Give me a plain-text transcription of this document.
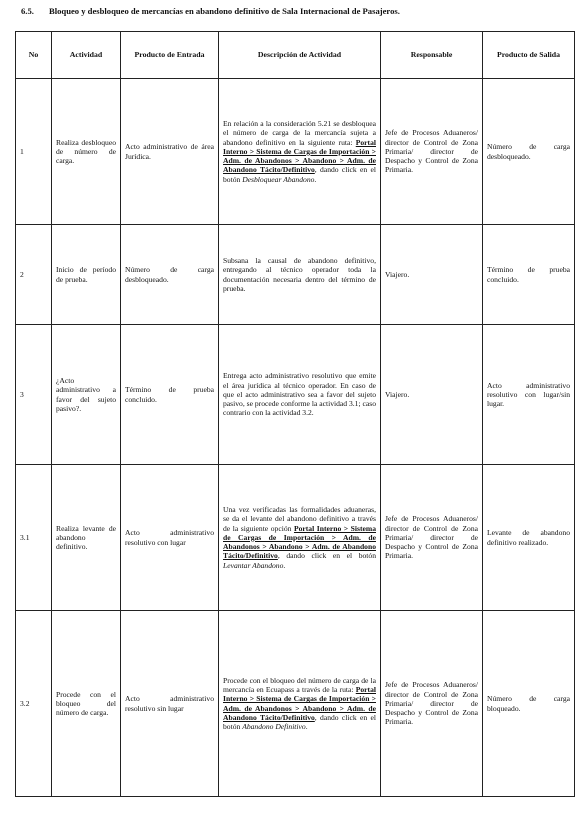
6.5. Bloqueo y desbloqueo de mercancías en abandono definitivo de Sala Internacional de Pasajeros.
No	Actividad	Producto de Entrada	Descripción de Actividad	Responsable	Producto de Salida
1	Realiza desbloqueo de número de carga.	Acto administrativo de área Jurídica.	En relación a la consideración 5.21 se desbloquea el número de carga de la mercancía sujeta a abandono definitivo en la siguiente ruta: Portal Interno > Sistema de Cargas de Importación > Adm. de Abandonos > Abandono > Adm. de Abandono Tácito/Definitivo, dando click en el botón Desbloquear Abandono.	Jefe de Procesos Aduaneros/ director de Control de Zona Primaria/ director de Despacho y Control de Zona Primaria.	Número de carga desbloqueado.
2	Inicio de período de prueba.	Número de carga desbloqueado.	Subsana la causal de abandono definitivo, entregando al técnico operador toda la documentación necesaria dentro del término de prueba.	Viajero.	Término de prueba concluido.
3	¿Acto administrativo a favor del sujeto pasivo?.	Término de prueba concluido.	Entrega acto administrativo resolutivo que emite el área jurídica al técnico operador. En caso de que el acto administrativo sea a favor del sujeto pasivo, se procede conforme la actividad 3.1; caso contrario con la actividad 3.2.	Viajero.	Acto administrativo resolutivo con lugar/sin lugar.
3.1	Realiza levante de abandono definitivo.	Acto administrativo resolutivo con lugar	Una vez verificadas las formalidades aduaneras, se da el levante del abandono definitivo a través de la siguiente opción Portal Interno > Sistema de Cargas de Importación > Adm. de Abandonos > Abandono > Adm. de Abandono Tácito/Definitivo, dando click en el botón Levantar Abandono.	Jefe de Procesos Aduaneros/ director de Control de Zona Primaria/ director de Despacho y Control de Zona Primaria.	Levante de abandono definitivo realizado.
3.2	Procede con el bloqueo del número de carga.	Acto administrativo resolutivo sin lugar	Procede con el bloqueo del número de carga de la mercancía en Ecuapass a través de la ruta: Portal Interno > Sistema de Cargas de Importación > Adm. de Abandonos > Abandono > Adm. de Abandono Tácito/Definitivo, dando click en el botón Abandono Definitivo.	Jefe de Procesos Aduaneros/ director de Control de Zona Primaria/ director de Despacho y Control de Zona Primaria.	Número de carga bloqueado.
